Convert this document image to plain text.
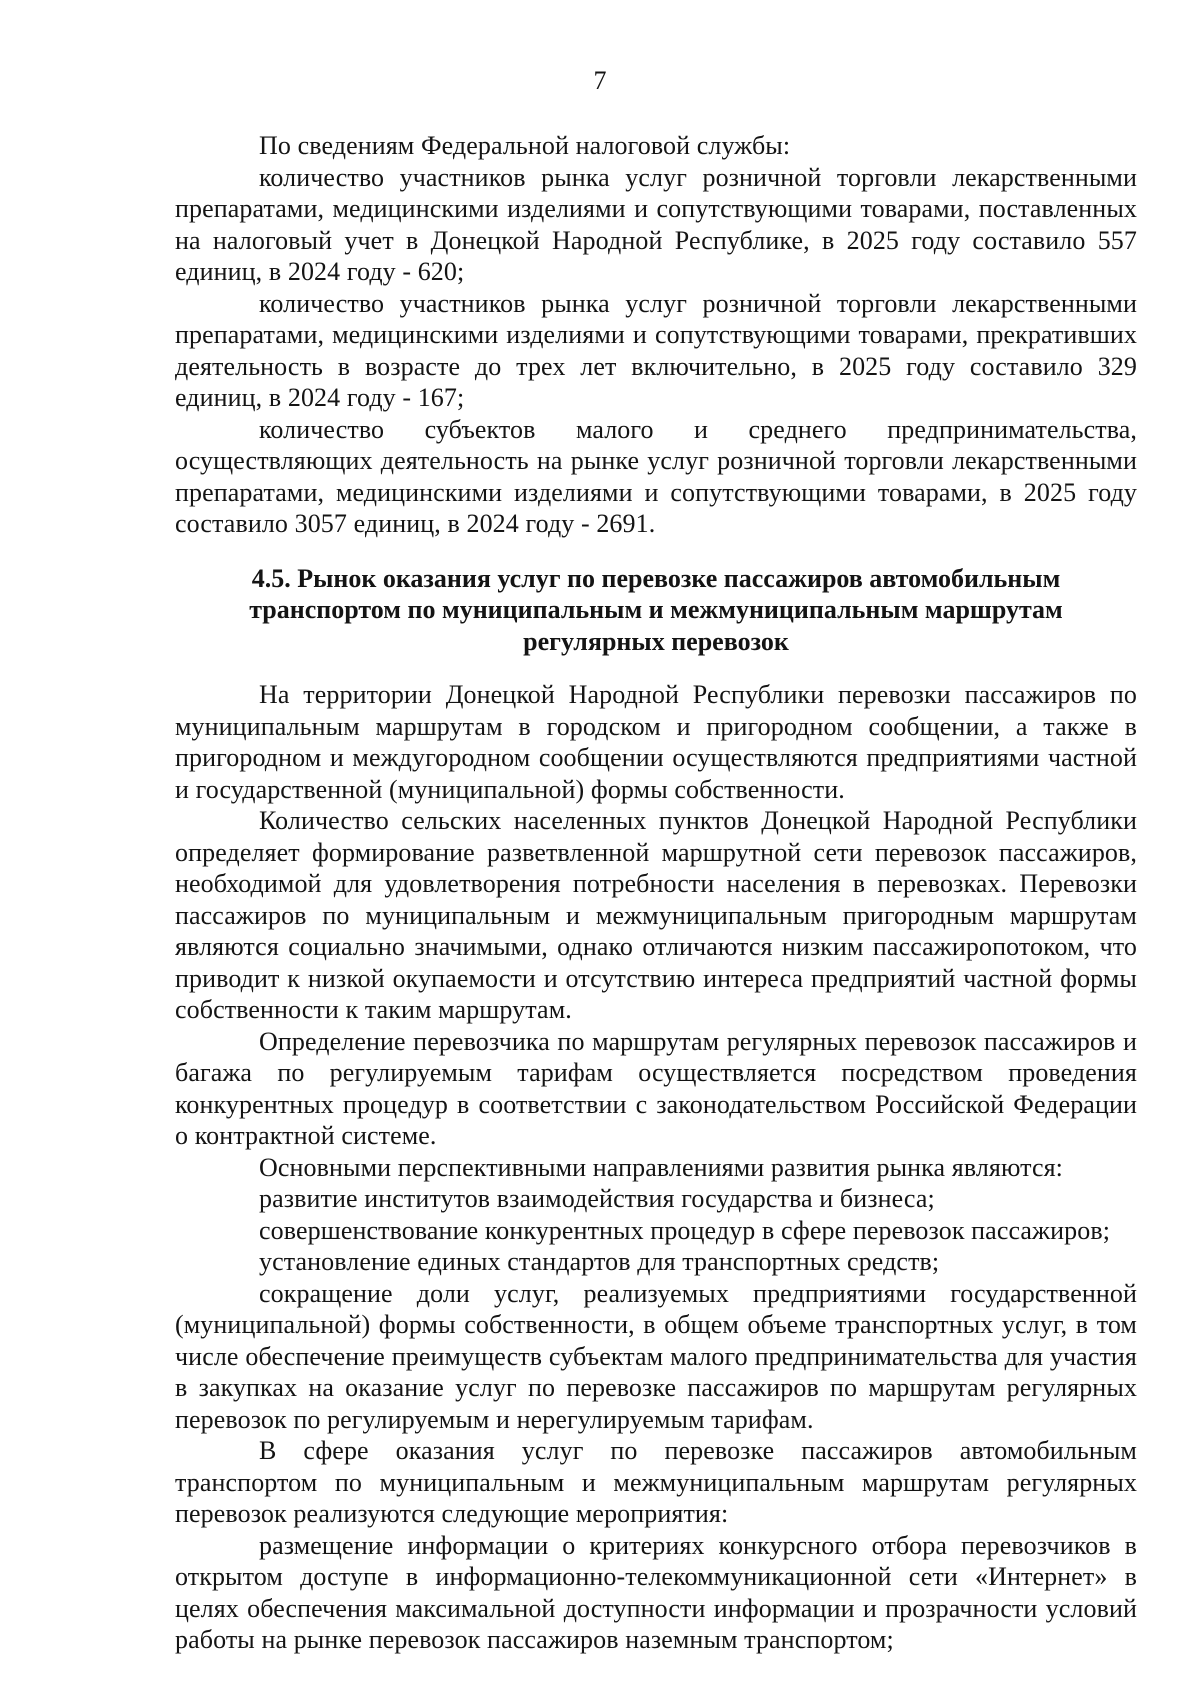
7

По сведениям Федеральной налоговой службы:

количество участников рынка услуг розничной торговли лекарственными препаратами, медицинскими изделиями и сопутствующими товарами, поставленных на налоговый учет в Донецкой Народной Республике, в 2025 году составило 557 единиц, в 2024 году - 620;

количество участников рынка услуг розничной торговли лекарственными препаратами, медицинскими изделиями и сопутствующими товарами, прекративших деятельность в возрасте до трех лет включительно, в 2025 году составило 329 единиц, в 2024 году - 167;

количество субъектов малого и среднего предпринимательства, осуществляющих деятельность на рынке услуг розничной торговли лекарственными препаратами, медицинскими изделиями и сопутствующими товарами, в 2025 году составило 3057 единиц, в 2024 году - 2691.

4.5. Рынок оказания услуг по перевозке пассажиров автомобильным транспортом по муниципальным и межмуниципальным маршрутам регулярных перевозок

На территории Донецкой Народной Республики перевозки пассажиров по муниципальным маршрутам в городском и пригородном сообщении, а также в пригородном и междугородном сообщении осуществляются предприятиями частной и государственной (муниципальной) формы собственности.

Количество сельских населенных пунктов Донецкой Народной Республики определяет формирование разветвленной маршрутной сети перевозок пассажиров, необходимой для удовлетворения потребности населения в перевозках. Перевозки пассажиров по муниципальным и межмуниципальным пригородным маршрутам являются социально значимыми, однако отличаются низким пассажиропотоком, что приводит к низкой окупаемости и отсутствию интереса предприятий частной формы собственности к таким маршрутам.

Определение перевозчика по маршрутам регулярных перевозок пассажиров и багажа по регулируемым тарифам осуществляется посредством проведения конкурентных процедур в соответствии с законодательством Российской Федерации о контрактной системе.

Основными перспективными направлениями развития рынка являются:

развитие институтов взаимодействия государства и бизнеса;

совершенствование конкурентных процедур в сфере перевозок пассажиров;

установление единых стандартов для транспортных средств;

сокращение доли услуг, реализуемых предприятиями государственной (муниципальной) формы собственности, в общем объеме транспортных услуг, в том числе обеспечение преимуществ субъектам малого предпринимательства для участия в закупках на оказание услуг по перевозке пассажиров по маршрутам регулярных перевозок по регулируемым и нерегулируемым тарифам.

В сфере оказания услуг по перевозке пассажиров автомобильным транспортом по муниципальным и межмуниципальным маршрутам регулярных перевозок реализуются следующие мероприятия:

размещение информации о критериях конкурсного отбора перевозчиков в открытом доступе в информационно-телекоммуникационной сети «Интернет» в целях обеспечения максимальной доступности информации и прозрачности условий работы на рынке перевозок пассажиров наземным транспортом;
